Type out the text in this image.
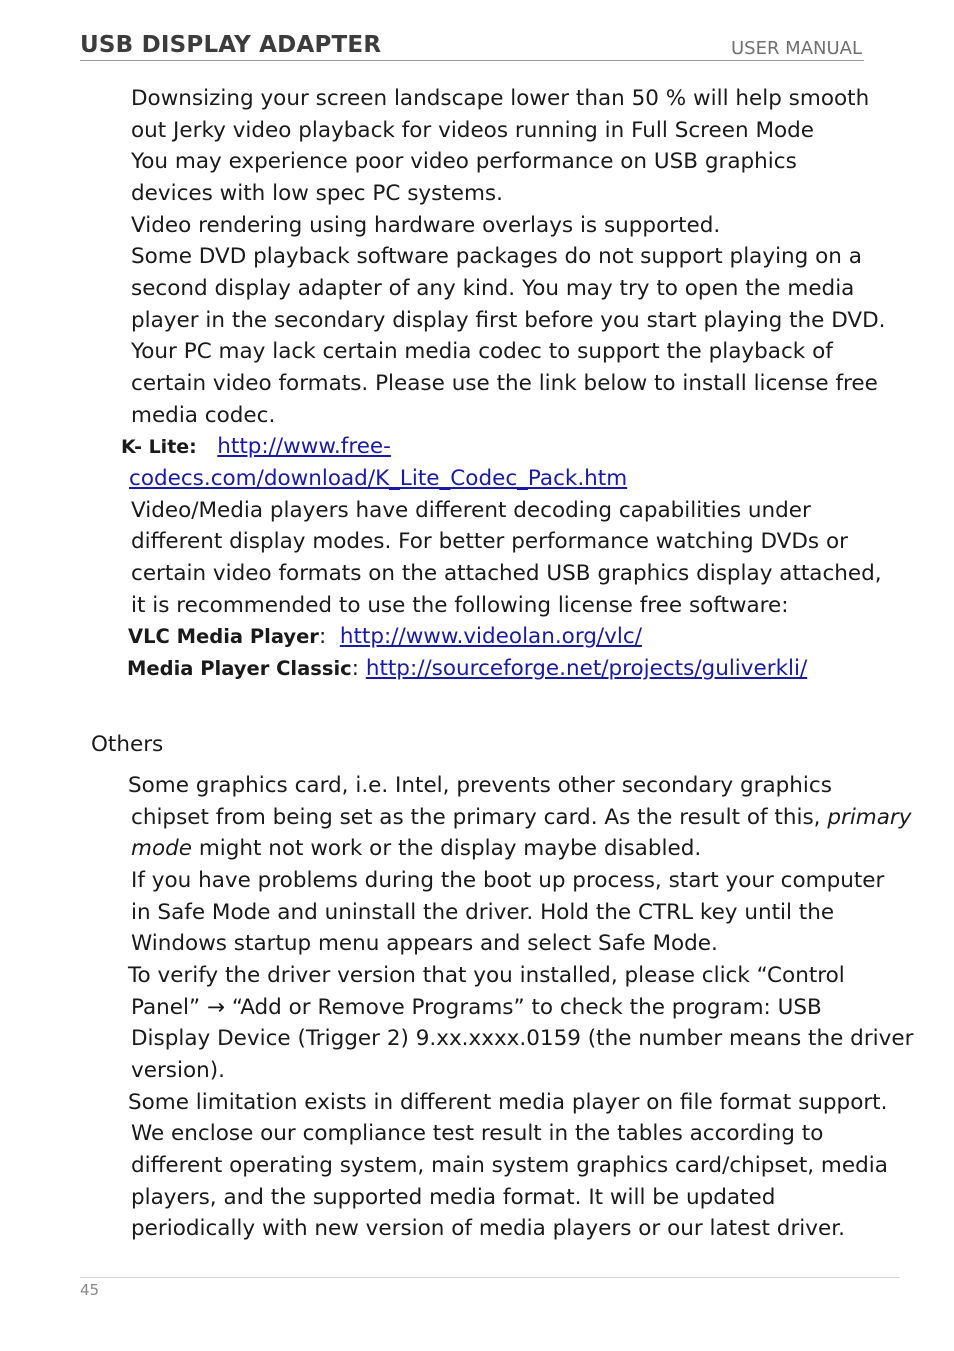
USB DISPLAY ADAPTER	USER MANUAL
Downsizing your screen landscape lower than 50 % will help smooth
out Jerky video playback for videos running in Full Screen Mode
You may experience poor video performance on USB graphics
devices with low spec PC systems.
Video rendering using hardware overlays is supported.
Some DVD playback software packages do not support playing on a
second display adapter of any kind. You may try to open the media
player in the secondary display first before you start playing the DVD.
Your PC may lack certain media codec to support the playback of
certain video formats. Please use the link below to install license free
media codec.
K- Lite: http://www.free-
codecs.com/download/K_Lite_Codec_Pack.htm
Video/Media players have different decoding capabilities under
different display modes. For better performance watching DVDs or
certain video formats on the attached USB graphics display attached,
it is recommended to use the following license free software:
VLC Media Player: http://www.videolan.org/vlc/
Media Player Classic: http://sourceforge.net/projects/guliverkli/
Others
Some graphics card, i.e. Intel, prevents other secondary graphics
chipset from being set as the primary card. As the result of this, primary
mode might not work or the display maybe disabled.
If you have problems during the boot up process, start your computer
in Safe Mode and uninstall the driver. Hold the CTRL key until the
Windows startup menu appears and select Safe Mode.
To verify the driver version that you installed, please click “Control
Panel” → “Add or Remove Programs” to check the program: USB
Display Device (Trigger 2) 9.xx.xxxx.0159 (the number means the driver
version).
Some limitation exists in different media player on file format support.
We enclose our compliance test result in the tables according to
different operating system, main system graphics card/chipset, media
players, and the supported media format. It will be updated
periodically with new version of media players or our latest driver.
45
